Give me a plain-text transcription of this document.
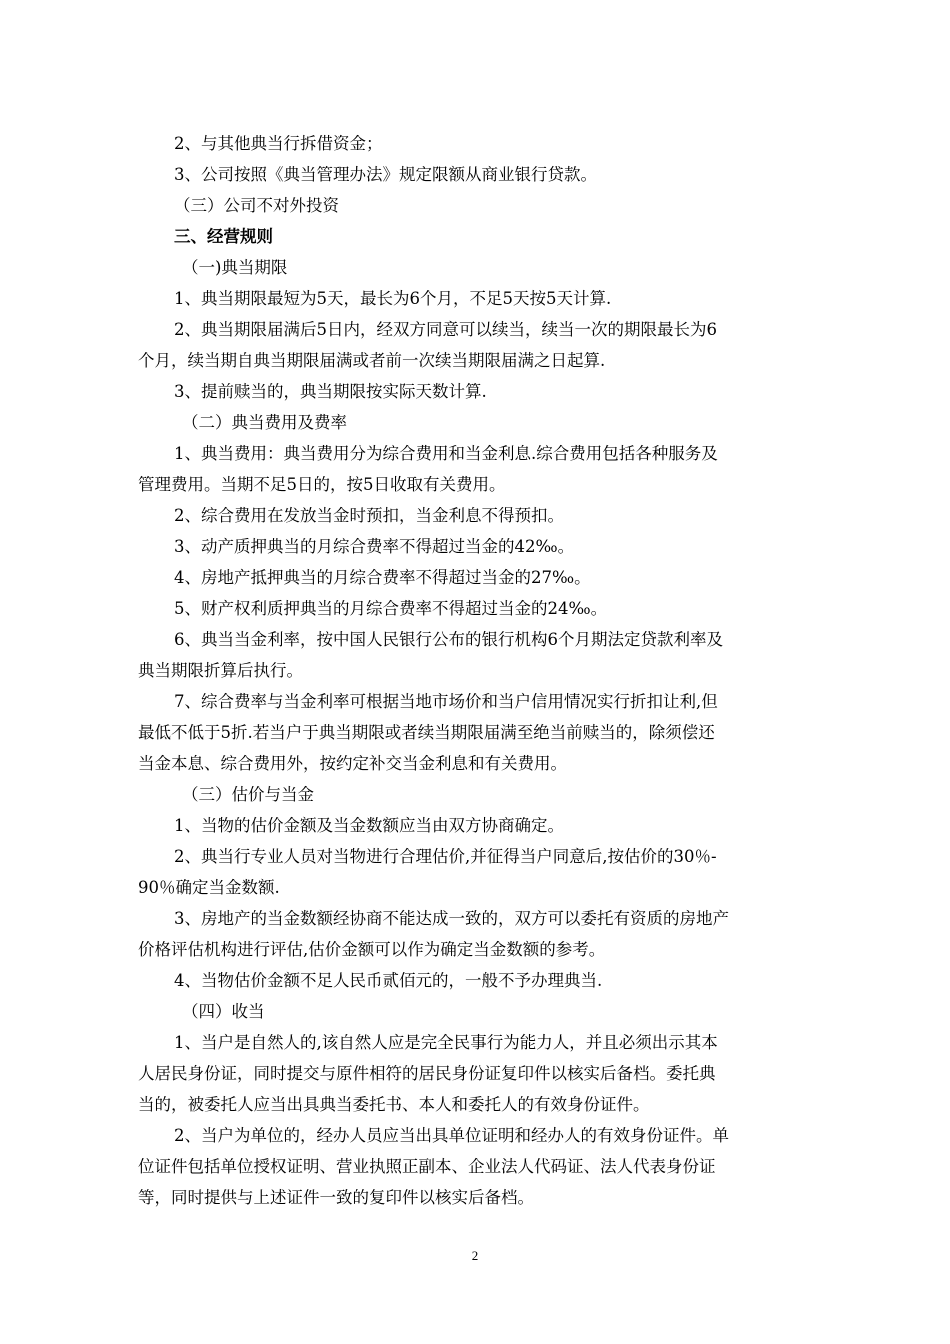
2、与其他典当行拆借资金；
3、公司按照《典当管理办法》规定限额从商业银行贷款。
（三）公司不对外投资
三、经营规则
（一)典当期限
1、典当期限最短为5天，最长为6个月，不足5天按5天计算.
2、典当期限届满后5日内，经双方同意可以续当，续当一次的期限最长为6
个月，续当期自典当期限届满或者前一次续当期限届满之日起算.
3、提前赎当的，典当期限按实际天数计算.
（二）典当费用及费率
1、典当费用：典当费用分为综合费用和当金利息.综合费用包括各种服务及
管理费用。当期不足5日的，按5日收取有关费用。
2、综合费用在发放当金时预扣，当金利息不得预扣。
3、动产质押典当的月综合费率不得超过当金的42‰。
4、房地产抵押典当的月综合费率不得超过当金的27‰。
5、财产权利质押典当的月综合费率不得超过当金的24‰。
6、典当当金利率，按中国人民银行公布的银行机构6个月期法定贷款利率及
典当期限折算后执行。
7、综合费率与当金利率可根据当地市场价和当户信用情况实行折扣让利,但
最低不低于5折.若当户于典当期限或者续当期限届满至绝当前赎当的，除须偿还
当金本息、综合费用外，按约定补交当金利息和有关费用。
（三）估价与当金
1、当物的估价金额及当金数额应当由双方协商确定。
2、典当行专业人员对当物进行合理估价,并征得当户同意后,按估价的30％-
90％确定当金数额.
3、房地产的当金数额经协商不能达成一致的，双方可以委托有资质的房地产
价格评估机构进行评估,估价金额可以作为确定当金数额的参考。
4、当物估价金额不足人民币贰佰元的，一般不予办理典当.
（四）收当
1、当户是自然人的,该自然人应是完全民事行为能力人，并且必须出示其本
人居民身份证，同时提交与原件相符的居民身份证复印件以核实后备档。委托典
当的，被委托人应当出具典当委托书、本人和委托人的有效身份证件。
2、当户为单位的，经办人员应当出具单位证明和经办人的有效身份证件。单
位证件包括单位授权证明、营业执照正副本、企业法人代码证、法人代表身份证
等，同时提供与上述证件一致的复印件以核实后备档。
2
